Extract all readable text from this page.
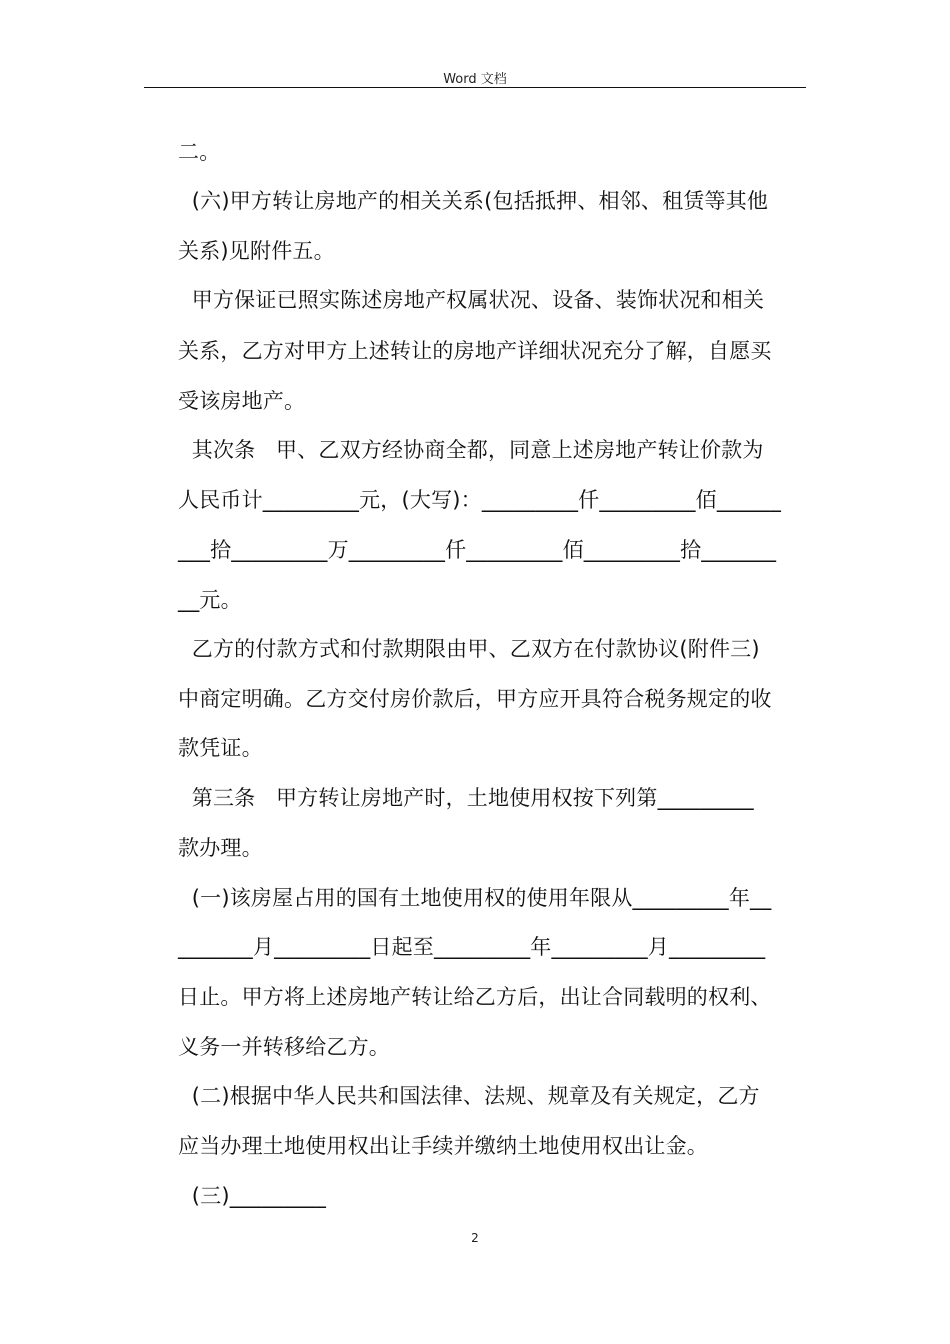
Word 文档
二。
(六)甲方转让房地产的相关关系(包括抵押、相邻、租赁等其他
关系)见附件五。
甲方保证已照实陈述房地产权属状况、设备、装饰状况和相关
关系，乙方对甲方上述转让的房地产详细状况充分了解，自愿买
受该房地产。
其次条   甲、乙双方经协商全都，同意上述房地产转让价款为
人民币计_________元，(大写)：_________仟_________佰______
___拾_________万_________仟_________佰_________拾_______
__元。
乙方的付款方式和付款期限由甲、乙双方在付款协议(附件三)
中商定明确。乙方交付房价款后，甲方应开具符合税务规定的收
款凭证。
第三条   甲方转让房地产时，土地使用权按下列第_________
款办理。
(一)该房屋占用的国有土地使用权的使用年限从_________年__
_______月_________日起至_________年_________月_________
日止。甲方将上述房地产转让给乙方后，出让合同载明的权利、
义务一并转移给乙方。
(二)根据中华人民共和国法律、法规、规章及有关规定，乙方
应当办理土地使用权出让手续并缴纳土地使用权出让金。
(三)_________
2
